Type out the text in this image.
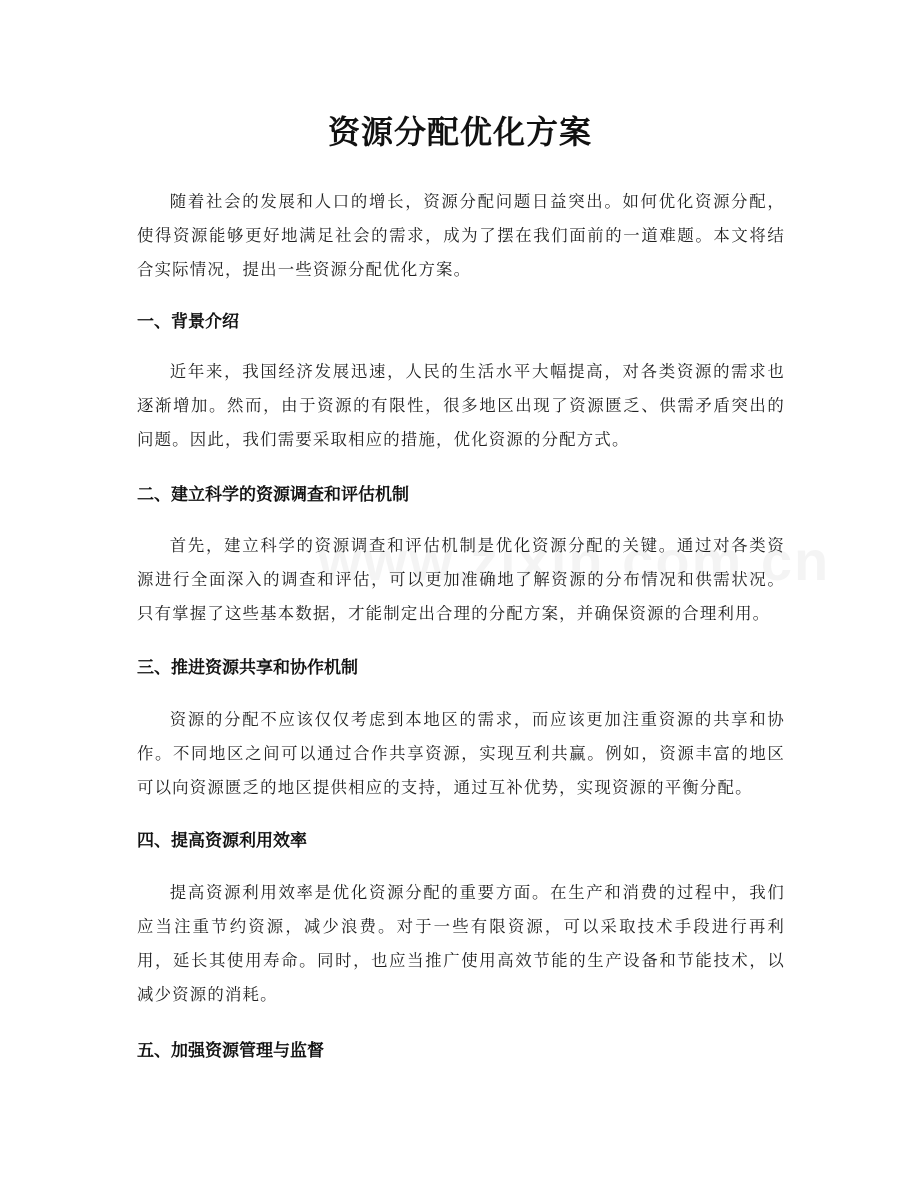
资源分配优化方案

随着社会的发展和人口的增长，资源分配问题日益突出。如何优化资源分配，使得资源能够更好地满足社会的需求，成为了摆在我们面前的一道难题。本文将结合实际情况，提出一些资源分配优化方案。

一、背景介绍

近年来，我国经济发展迅速，人民的生活水平大幅提高，对各类资源的需求也逐渐增加。然而，由于资源的有限性，很多地区出现了资源匮乏、供需矛盾突出的问题。因此，我们需要采取相应的措施，优化资源的分配方式。

二、建立科学的资源调查和评估机制

首先，建立科学的资源调查和评估机制是优化资源分配的关键。通过对各类资源进行全面深入的调查和评估，可以更加准确地了解资源的分布情况和供需状况。只有掌握了这些基本数据，才能制定出合理的分配方案，并确保资源的合理利用。

三、推进资源共享和协作机制

资源的分配不应该仅仅考虑到本地区的需求，而应该更加注重资源的共享和协作。不同地区之间可以通过合作共享资源，实现互利共赢。例如，资源丰富的地区可以向资源匮乏的地区提供相应的支持，通过互补优势，实现资源的平衡分配。

四、提高资源利用效率

提高资源利用效率是优化资源分配的重要方面。在生产和消费的过程中，我们应当注重节约资源，减少浪费。对于一些有限资源，可以采取技术手段进行再利用，延长其使用寿命。同时，也应当推广使用高效节能的生产设备和节能技术，以减少资源的消耗。

五、加强资源管理与监督
